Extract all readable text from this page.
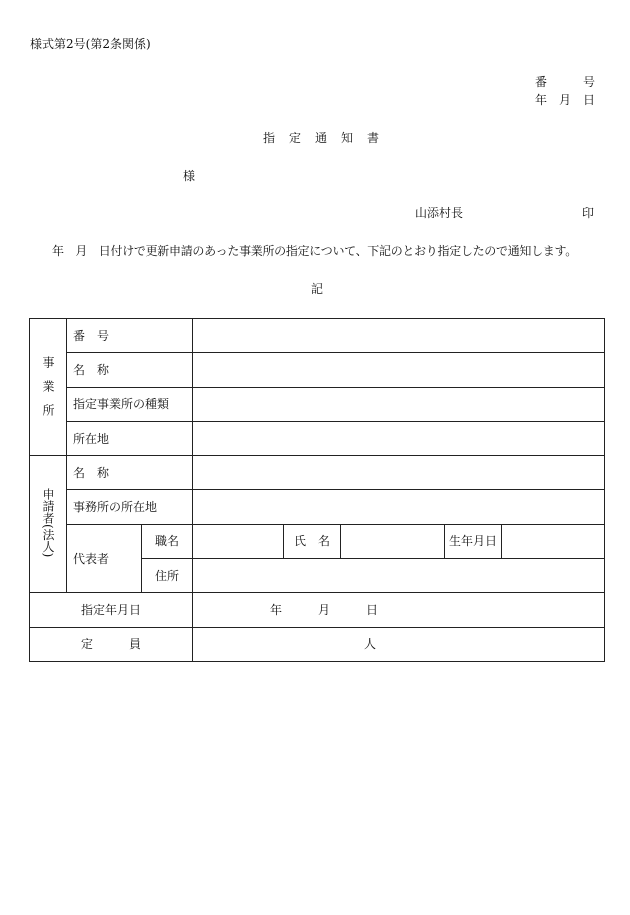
様式第2号(第2条関係)
番　　　号
年　月　日
指　定　通　知　書
様
山添村長	印
年　月　日付けで更新申請のあった事業所の指定について、下記のとおり指定したので通知します。
記
事業所	番　号						
	名　称						
	指定事業所の種類						
	所在地						
申請者(法人)	名　称						
	事務所の所在地						
	代表者	職名		氏　名		生年月日	
		住所					
指定年月日			年　　　月　　　日				
定　　　員			人				
